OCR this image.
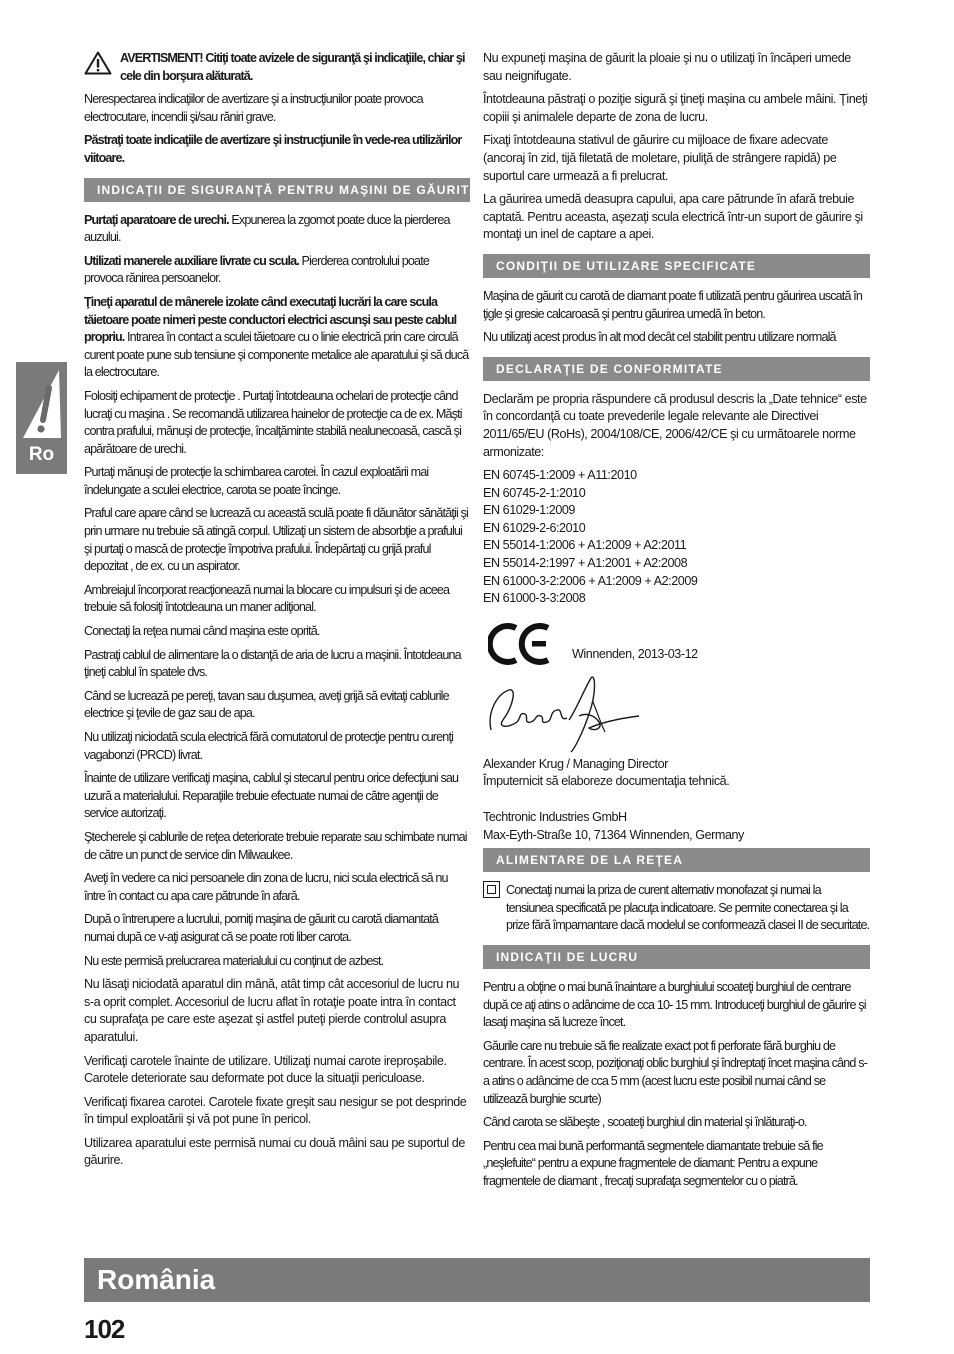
AVERTISMENT! Citiţi toate avizele de siguranţă şi indicaţiile, chiar şi cele din borşura alăturată.

Nerespectarea indicaţiilor de avertizare şi a instrucţiunilor poate provoca electrocutare, incendii şi/sau răniri grave.

Păstraţi toate indicaţiile de avertizare şi instrucţiunile în vede-rea utilizărilor viitoare.

INDICAŢII DE SIGURANŢĂ PENTRU MAŞINI DE GĂURIT

Purtaţi aparatoare de urechi. Expunerea la zgomot poate duce la pierderea auzului.

Utilizati manerele auxiliare livrate cu scula. Pierderea controlului poate provoca rănirea persoanelor.

Ţineţi aparatul de mânerele izolate când executaţi lucrări la care scula tăietoare poate nimeri peste conductori electrici ascunşi sau peste cablul propriu. Intrarea în contact a sculei tăietoare cu o linie electrică prin care circulă curent poate pune sub tensiune şi componente metalice ale aparatului şi să ducă la electrocutare.

Folosiţi echipament de protecţie . Purtaţi întotdeauna ochelari de protecţie când lucraţi cu maşina . Se recomandă utilizarea hainelor de protecţie ca de ex. Măşti contra prafului, mănuşi de protecţie, încalţăminte stabilă nealunecoasă, cască şi apărătoare de urechi.

Purtaţi mănuşi de protecţie la schimbarea carotei. În cazul exploatării mai îndelungate a sculei electrice, carota se poate încinge.

Praful care apare când se lucrează cu această sculă poate fi dăunător sănătăţii şi prin urmare nu trebuie să atingă corpul. Utilizaţi un sistem de absorbţie a prafului şi purtaţi o mască de protecţie împotriva prafului. Îndepărtaţi cu grijă praful depozitat , de ex. cu un aspirator.

Ambreiajul încorporat reacţionează numai la blocare cu impulsuri şi de aceea trebuie să folosiţi întotdeauna un maner adiţional.

Conectaţi la reţea numai când maşina este oprită.

Pastraţi cablul de alimentare la o distanţă de aria de lucru a maşinii. Întotdeauna ţineţi cablul în spatele dvs.

Când se lucrează pe pereţi, tavan sau duşumea, aveţi grijă să evitaţi cablurile electrice şi ţevile de gaz sau de apa.

Nu utilizaţi niciodată scula electrică fără comutatorul de protecţie pentru curenţi vagabonzi (PRCD) livrat.

Înainte de utilizare verificaţi maşina, cablul şi stecarul pentru orice defecţiuni sau uzură a materialului. Reparaţiile trebuie efectuate numai de către agenţii de service autorizaţi.

Ştecherele şi cablurile de reţea deteriorate trebuie reparate sau schimbate numai de către un punct de service din Milwaukee.

Aveţi în vedere ca nici persoanele din zona de lucru, nici scula electrică să nu între în contact cu apa care pătrunde în afară.

După o întrerupere a lucrului, porniţi maşina de găurit cu carotă diamantată numai după ce v-aţi asigurat că se poate roti liber carota.

Nu este permisă prelucrarea materialului cu conţinut de azbest.

Nu lăsaţi niciodată aparatul din mână, atât timp cât accesoriul de lucru nu s-a oprit complet. Accesoriul de lucru aflat în rotaţie poate intra în contact cu suprafaţa pe care este aşezat şi astfel puteţi pierde controlul asupra aparatului.

Verificaţi carotele înainte de utilizare. Utilizaţi numai carote ireproşabile. Carotele deteriorate sau deformate pot duce la situaţii periculoase.

Verificaţi fixarea carotei. Carotele fixate greşit sau nesigur se pot desprinde în timpul exploatării şi vă pot pune în pericol.

Utilizarea aparatului este permisă numai cu două mâini sau pe suportul de găurire.

Nu expuneţi maşina de găurit la ploaie şi nu o utilizaţi în încăperi umede sau neignifugate.

Întotdeauna păstraţi o poziţie sigură şi ţineţi maşina cu ambele mâini. Ţineţi copiii şi animalele departe de zona de lucru.

Fixaţi întotdeauna stativul de găurire cu mijloace de fixare adecvate (ancoraj în zid, tijă filetată de moletare, piuliţă de strângere rapidă) pe suportul care urmează a fi prelucrat.

La găurirea umedă deasupra capului, apa care pătrunde în afară trebuie captată. Pentru aceasta, aşezaţi scula electrică într-un suport de găurire şi montaţi un inel de captare a apei.

CONDIŢII DE UTILIZARE SPECIFICATE

Maşina de găurit cu carotă de diamant poate fi utilizată pentru găurirea uscată în ţigle şi gresie calcaroasă şi pentru găurirea umedă în beton.

Nu utilizaţi acest produs în alt mod decât cel stabilit pentru utilizare normală

DECLARAŢIE DE CONFORMITATE

Declarăm pe propria răspundere că produsul descris la „Date tehnice“ este în concordanţă cu toate prevederile legale relevante ale Directivei 2011/65/EU (RoHs), 2004/108/CE, 2006/42/CE şi cu următoarele norme armonizate:

EN 60745-1:2009 + A11:2010
EN 60745-2-1:2010
EN 61029-1:2009
EN 61029-2-6:2010
EN 55014-1:2006 + A1:2009 + A2:2011
EN 55014-2:1997 + A1:2001 + A2:2008
EN 61000-3-2:2006 + A1:2009 + A2:2009
EN 61000-3-3:2008
Winnenden, 2013-03-12
Alexander Krug / Managing Director
Împuternicit să elaboreze documentaţia tehnică.
Techtronic Industries GmbH
Max-Eyth-Straße 10, 71364 Winnenden, Germany
ALIMENTARE DE LA REŢEA

Conectaţi numai la priza de curent alternativ monofazat şi numai la tensiunea specificată pe placuţa indicatoare. Se permite conectarea şi la prize fără împamantare dacă modelul se conformează clasei II de securitate.

INDICAŢII DE LUCRU

Pentru a obţine o mai bună înaintare a burghiului scoateţi burghiul de centrare după ce aţi atins o adâncime de cca 10- 15 mm. Introduceţi burghiul de găurire şi lasaţi maşina să lucreze încet.

Găurile care nu trebuie să fie realizate exact pot fi perforate fără burghiu de centrare. În acest scop, poziţionaţi oblic burghiul şi îndreptaţi încet maşina când s-a atins o adâncime de cca 5 mm (acest lucru este posibil numai când se utilizează burghie scurte)

Când carota se slăbeşte , scoateţi burghiul din material şi înlăturaţi-o.

Pentru cea mai bună performantă segmentele diamantate trebuie să fie „neşlefuite“ pentru a expune fragmentele de diamant: Pentru a expune fragmentele de diamant , frecaţi suprafaţa segmentelor cu o piatră.

Ro
România
102
